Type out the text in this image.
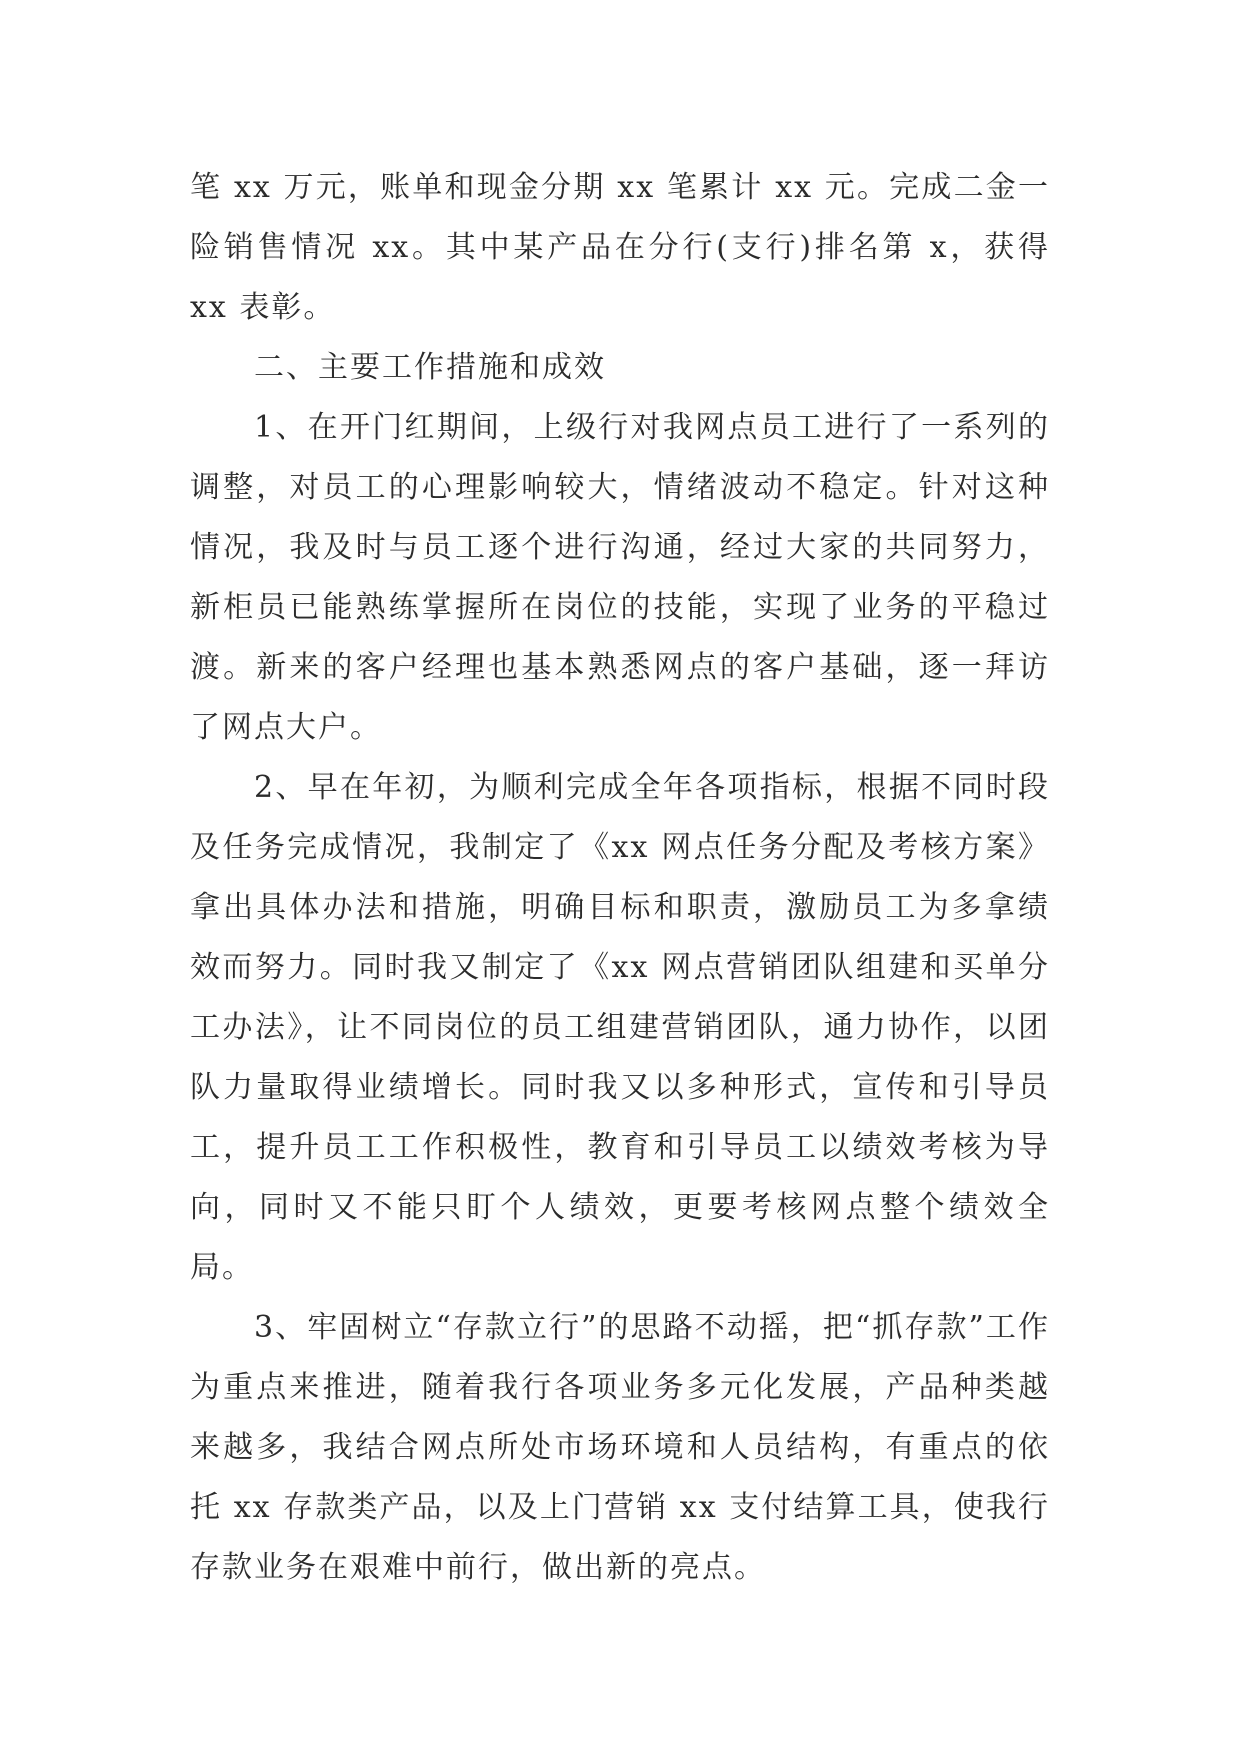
笔 xx 万元，账单和现金分期 xx 笔累计 xx 元。完成二金一险销售情况 xx。其中某产品在分行(支行)排名第 x，获得 xx 表彰。

二、主要工作措施和成效

1、在开门红期间，上级行对我网点员工进行了一系列的调整，对员工的心理影响较大，情绪波动不稳定。针对这种情况，我及时与员工逐个进行沟通，经过大家的共同努力，新柜员已能熟练掌握所在岗位的技能，实现了业务的平稳过渡。新来的客户经理也基本熟悉网点的客户基础，逐一拜访了网点大户。

2、早在年初，为顺利完成全年各项指标，根据不同时段及任务完成情况，我制定了《xx 网点任务分配及考核方案》拿出具体办法和措施，明确目标和职责，激励员工为多拿绩效而努力。同时我又制定了《xx 网点营销团队组建和买单分工办法》，让不同岗位的员工组建营销团队，通力协作，以团队力量取得业绩增长。同时我又以多种形式，宣传和引导员工，提升员工工作积极性，教育和引导员工以绩效考核为导向，同时又不能只盯个人绩效，更要考核网点整个绩效全局。

3、牢固树立“存款立行”的思路不动摇，把“抓存款”工作为重点来推进，随着我行各项业务多元化发展，产品种类越来越多，我结合网点所处市场环境和人员结构，有重点的依托 xx 存款类产品，以及上门营销 xx 支付结算工具，使我行存款业务在艰难中前行，做出新的亮点。
